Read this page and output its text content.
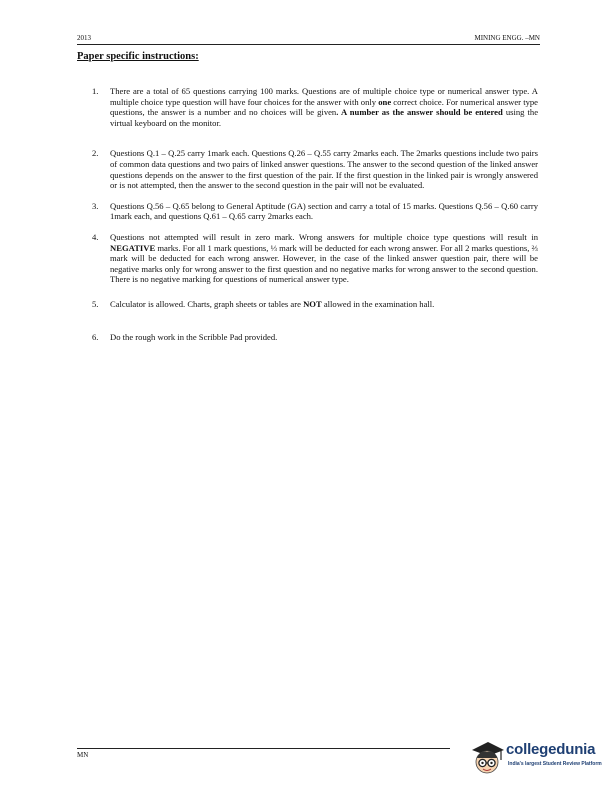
2013	MINING ENGG. –MN
Paper specific instructions:
1.	There are a total of 65 questions carrying 100 marks. Questions are of multiple choice type or numerical answer type. A multiple choice type question will have four choices for the answer with only one correct choice. For numerical answer type questions, the answer is a number and no choices will be given. A number as the answer should be entered using the virtual keyboard on the monitor.
2.	Questions Q.1 – Q.25 carry 1mark each. Questions Q.26 – Q.55 carry 2marks each. The 2marks questions include two pairs of common data questions and two pairs of linked answer questions. The answer to the second question of the linked answer questions depends on the answer to the first question of the pair. If the first question in the linked pair is wrongly answered or is not attempted, then the answer to the second question in the pair will not be evaluated.
3.	Questions Q.56 – Q.65 belong to General Aptitude (GA) section and carry a total of 15 marks. Questions Q.56 – Q.60 carry 1mark each, and questions Q.61 – Q.65 carry 2marks each.
4.	Questions not attempted will result in zero mark. Wrong answers for multiple choice type questions will result in NEGATIVE marks. For all 1 mark questions, ⅓ mark will be deducted for each wrong answer. For all 2 marks questions, ⅔ mark will be deducted for each wrong answer. However, in the case of the linked answer question pair, there will be negative marks only for wrong answer to the first question and no negative marks for wrong answer to the second question. There is no negative marking for questions of numerical answer type.
5.	Calculator is allowed. Charts, graph sheets or tables are NOT allowed in the examination hall.
6.	Do the rough work in the Scribble Pad provided.
MN	collegedunia
India's largest Student Review Platform
